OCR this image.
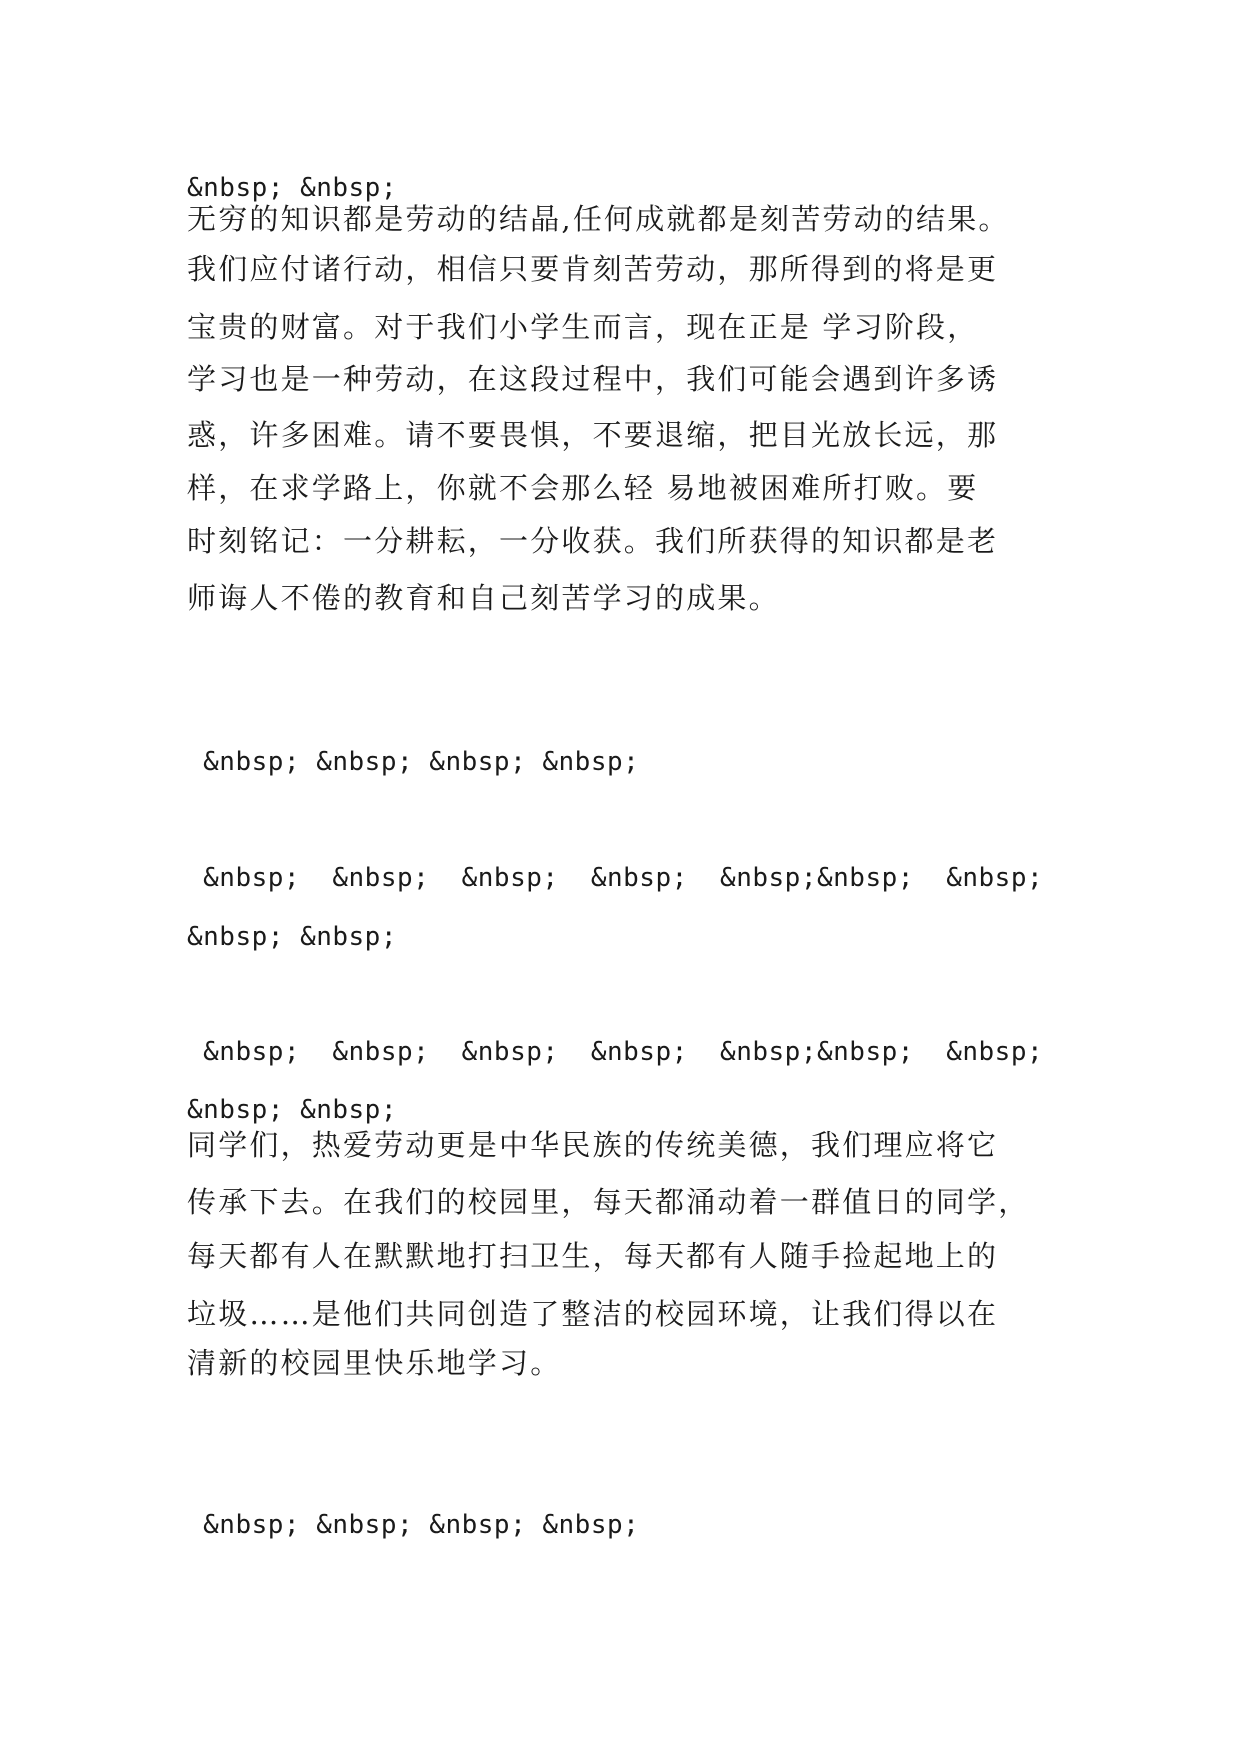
&nbsp; &nbsp;
无穷的知识都是劳动的结晶,任何成就都是刻苦劳动的结果。
我们应付诸行动，相信只要肯刻苦劳动，那所得到的将是更
宝贵的财富。对于我们小学生而言，现在正是 学习阶段，
学习也是一种劳动，在这段过程中，我们可能会遇到许多诱
惑，许多困难。请不要畏惧，不要退缩，把目光放长远，那
样，在求学路上，你就不会那么轻 易地被困难所打败。要
时刻铭记：一分耕耘，一分收获。我们所获得的知识都是老
师诲人不倦的教育和自己刻苦学习的成果。
&nbsp; &nbsp; &nbsp; &nbsp;
&nbsp;  &nbsp;  &nbsp;  &nbsp;  &nbsp;&nbsp;  &nbsp;
&nbsp; &nbsp;
&nbsp;  &nbsp;  &nbsp;  &nbsp;  &nbsp;&nbsp;  &nbsp;
&nbsp; &nbsp;
同学们，热爱劳动更是中华民族的传统美德，我们理应将它
传承下去。在我们的校园里，每天都涌动着一群值日的同学，
每天都有人在默默地打扫卫生，每天都有人随手捡起地上的
垃圾……是他们共同创造了整洁的校园环境，让我们得以在
清新的校园里快乐地学习。
&nbsp; &nbsp; &nbsp; &nbsp;
